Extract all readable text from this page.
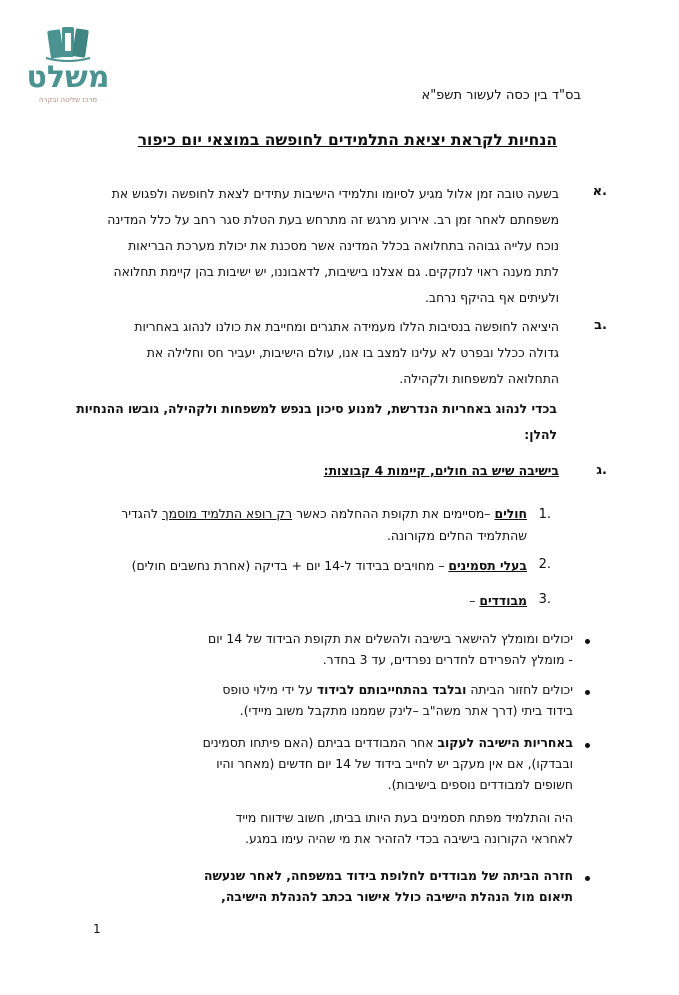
משלט
מרכז שליטה ובקרה	בס"ד בין כסה לעשור תשפ"א
הנחיות לקראת יציאת התלמידים לחופשה במוצאי יום כיפור
א.
בשעה טובה זמן אלול מגיע לסיומו ותלמידי הישיבות עתידים לצאת לחופשה ולפגוש את
משפחתם לאחר זמן רב. אירוע מרגש זה מתרחש בעת הטלת סגר רחב על כלל המדינה
נוכח עלייה גבוהה בתחלואה בכלל המדינה אשר מסכנת את יכולת מערכת הבריאות
לתת מענה ראוי לנזקקים. גם אצלנו בישיבות, לדאבוננו, יש ישיבות בהן קיימת תחלואה
ולעיתים אף בהיקף נרחב.
ב.
היציאה לחופשה בנסיבות הללו מעמידה אתגרים ומחייבת את כולנו לנהוג באחריות
גדולה ככלל ובפרט לא עלינו למצב בו אנו, עולם הישיבות, יעביר חס וחלילה את
התחלואה למשפחות ולקהילה.
בכדי לנהוג באחריות הנדרשת, למנוע סיכון בנפש למשפחות ולקהילה, גובשו ההנחיות
להלן:
ג.
בישיבה שיש בה חולים, קיימות 4 קבוצות:
1.
חולים –מסיימים את תקופת ההחלמה כאשר רק רופא התלמיד מוסמך להגדיר
שהתלמיד החלים מקורונה.
2.
בעלי תסמינים – מחויבים בבידוד ל-14 יום + בדיקה (אחרת נחשבים חולים)
3.
מבודדים –
יכולים ומומלץ להישאר בישיבה ולהשלים את תקופת הבידוד של 14 יום
- מומלץ להפרידם לחדרים נפרדים, עד 3 בחדר.
יכולים לחזור הביתה ובלבד בהתחייבותם לבידוד על ידי מילוי טופס
בידוד ביתי (דרך אתר משה"ב –לינק שממנו מתקבל משוב מיידי).
באחריות הישיבה לעקוב אחר המבודדים בביתם (האם פיתחו תסמינים
ובבדקו), אם אין מעקב יש לחייב בידוד של 14 יום חדשים (מאחר והיו
חשופים למבודדים נוספים בישיבות).
היה והתלמיד מפתח תסמינים בעת היותו בביתו, חשוב שידווח מייד
לאחראי הקורונה בישיבה בכדי להזהיר את מי שהיה עימו במגע.
חזרה הביתה של מבודדים לחלופת בידוד במשפחה, לאחר שנעשה
תיאום מול הנהלת הישיבה כולל אישור בכתב להנהלת הישיבה,
1
